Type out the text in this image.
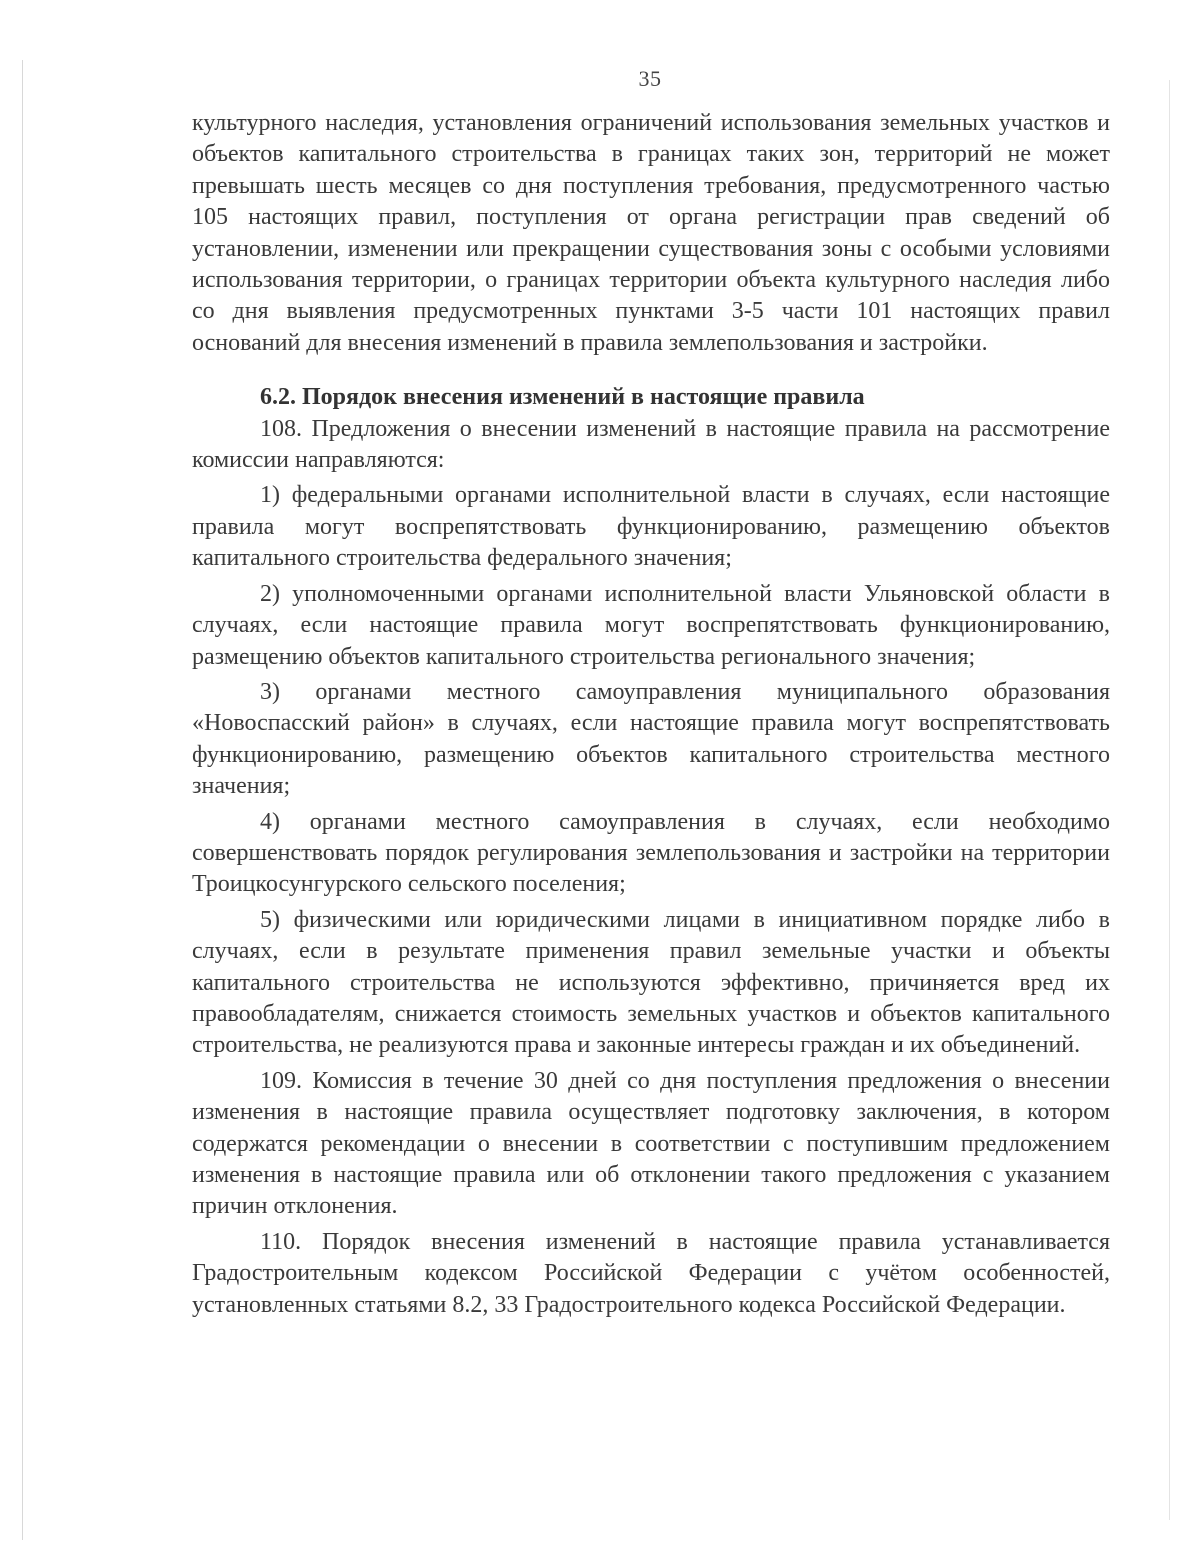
35

культурного наследия, установления ограничений использования земельных участков и объектов капитального строительства в границах таких зон, территорий не может превышать шесть месяцев со дня поступления требования, предусмотренного частью 105 настоящих правил, поступления от органа регистрации прав сведений об установлении, изменении или прекращении существования зоны с особыми условиями использования территории, о границах территории объекта культурного наследия либо со дня выявления предусмотренных пунктами 3-5 части 101 настоящих правил оснований для внесения изменений в правила землепользования и застройки.

6.2. Порядок внесения изменений в настоящие правила

108. Предложения о внесении изменений в настоящие правила на рассмотрение комиссии направляются:

1) федеральными органами исполнительной власти в случаях, если настоящие правила могут воспрепятствовать функционированию, размещению объектов капитального строительства федерального значения;

2) уполномоченными органами исполнительной власти Ульяновской области в случаях, если настоящие правила могут воспрепятствовать функционированию, размещению объектов капитального строительства регионального значения;

3) органами местного самоуправления муниципального образования «Новоспасский район» в случаях, если настоящие правила могут воспрепятствовать функционированию, размещению объектов капитального строительства местного значения;

4) органами местного самоуправления в случаях, если необходимо совершенствовать порядок регулирования землепользования и застройки на территории Троицкосунгурского сельского поселения;

5) физическими или юридическими лицами в инициативном порядке либо в случаях, если в результате применения правил земельные участки и объекты капитального строительства не используются эффективно, причиняется вред их правообладателям, снижается стоимость земельных участков и объектов капитального строительства, не реализуются права и законные интересы граждан и их объединений.

109. Комиссия в течение 30 дней со дня поступления предложения о внесении изменения в настоящие правила осуществляет подготовку заключения, в котором содержатся рекомендации о внесении в соответствии с поступившим предложением изменения в настоящие правила или об отклонении такого предложения с указанием причин отклонения.

110. Порядок внесения изменений в настоящие правила устанавливается Градостроительным кодексом Российской Федерации с учётом особенностей, установленных статьями 8.2, 33 Градостроительного кодекса Российской Федерации.
